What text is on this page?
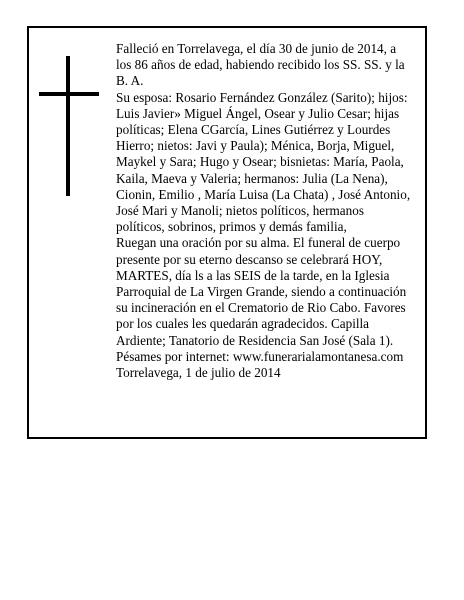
Falleció en Torrelavega, el día 30 de junio de 2014, a los 86 años de edad, habiendo recibido los SS. SS. y la B. A.

Su esposa: Rosario Fernández González (Sarito); hijos: Luis Javier» Miguel Ángel, Osear y Julio Cesar; hijas políticas; Elena CGarcía, Lines Gutiérrez y Lourdes Hierro; nietos: Javi y Paula); Ménica, Borja, Miguel, Maykel y Sara; Hugo y Osear; bisnietas: María, Paola, Kaila, Maeva y Valeria; hermanos: Julia (La Nena), Cionin, Emilio , María Luisa (La Chata) , José Antonio, José Mari y Manoli; nietos políticos, hermanos políticos, sobrinos, primos y demás familia,

Ruegan una oración por su alma. El funeral de cuerpo presente por su eterno descanso se celebrará HOY, MARTES, día ls a las SEIS de la tarde, en la Iglesia Parroquial de La Virgen Grande, siendo a continuación su incineración en el Crematorio de Rio Cabo. Favores por los cuales les quedarán agradecidos. Capilla Ardiente; Tanatorio de Residencia San José (Sala 1).

Pésames por internet: www.funerarialamontanesa.com

Torrelavega, 1 de julio de 2014
